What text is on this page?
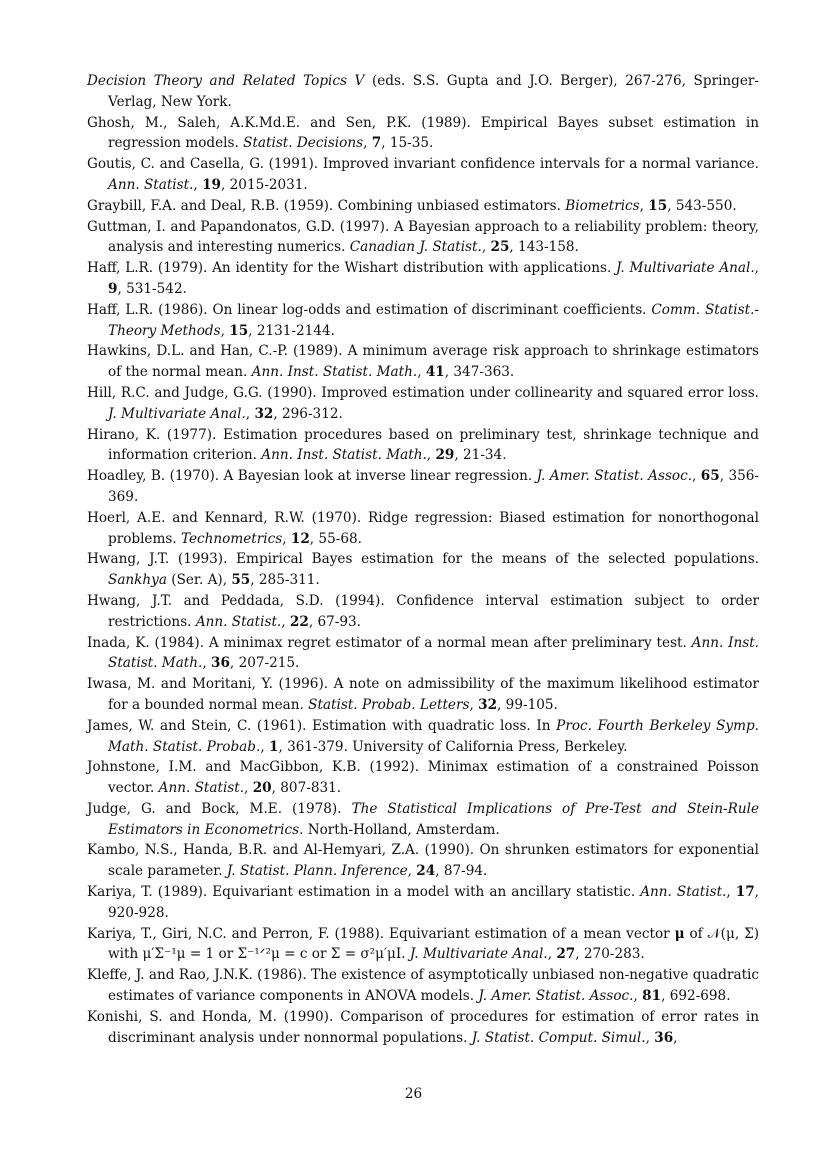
Decision Theory and Related Topics V (eds. S.S. Gupta and J.O. Berger), 267-276, Springer-Verlag, New York.
Ghosh, M., Saleh, A.K.Md.E. and Sen, P.K. (1989). Empirical Bayes subset estimation in regression models. Statist. Decisions, 7, 15-35.
Goutis, C. and Casella, G. (1991). Improved invariant confidence intervals for a normal variance. Ann. Statist., 19, 2015-2031.
Graybill, F.A. and Deal, R.B. (1959). Combining unbiased estimators. Biometrics, 15, 543-550.
Guttman, I. and Papandonatos, G.D. (1997). A Bayesian approach to a reliability problem: theory, analysis and interesting numerics. Canadian J. Statist., 25, 143-158.
Haff, L.R. (1979). An identity for the Wishart distribution with applications. J. Multivariate Anal., 9, 531-542.
Haff, L.R. (1986). On linear log-odds and estimation of discriminant coefficients. Comm. Statist.-Theory Methods, 15, 2131-2144.
Hawkins, D.L. and Han, C.-P. (1989). A minimum average risk approach to shrinkage estimators of the normal mean. Ann. Inst. Statist. Math., 41, 347-363.
Hill, R.C. and Judge, G.G. (1990). Improved estimation under collinearity and squared error loss. J. Multivariate Anal., 32, 296-312.
Hirano, K. (1977). Estimation procedures based on preliminary test, shrinkage technique and information criterion. Ann. Inst. Statist. Math., 29, 21-34.
Hoadley, B. (1970). A Bayesian look at inverse linear regression. J. Amer. Statist. Assoc., 65, 356-369.
Hoerl, A.E. and Kennard, R.W. (1970). Ridge regression: Biased estimation for nonorthogonal problems. Technometrics, 12, 55-68.
Hwang, J.T. (1993). Empirical Bayes estimation for the means of the selected populations. Sankhya (Ser. A), 55, 285-311.
Hwang, J.T. and Peddada, S.D. (1994). Confidence interval estimation subject to order restrictions. Ann. Statist., 22, 67-93.
Inada, K. (1984). A minimax regret estimator of a normal mean after preliminary test. Ann. Inst. Statist. Math., 36, 207-215.
Iwasa, M. and Moritani, Y. (1996). A note on admissibility of the maximum likelihood estimator for a bounded normal mean. Statist. Probab. Letters, 32, 99-105.
James, W. and Stein, C. (1961). Estimation with quadratic loss. In Proc. Fourth Berkeley Symp. Math. Statist. Probab., 1, 361-379. University of California Press, Berkeley.
Johnstone, I.M. and MacGibbon, K.B. (1992). Minimax estimation of a constrained Poisson vector. Ann. Statist., 20, 807-831.
Judge, G. and Bock, M.E. (1978). The Statistical Implications of Pre-Test and Stein-Rule Estimators in Econometrics. North-Holland, Amsterdam.
Kambo, N.S., Handa, B.R. and Al-Hemyari, Z.A. (1990). On shrunken estimators for exponential scale parameter. J. Statist. Plann. Inference, 24, 87-94.
Kariya, T. (1989). Equivariant estimation in a model with an ancillary statistic. Ann. Statist., 17, 920-928.
Kariya, T., Giri, N.C. and Perron, F. (1988). Equivariant estimation of a mean vector μ of 𝒩(μ, Σ) with μ′Σ⁻¹μ = 1 or Σ⁻¹ᐟ²μ = c or Σ = σ²μ′μI. J. Multivariate Anal., 27, 270-283.
Kleffe, J. and Rao, J.N.K. (1986). The existence of asymptotically unbiased non-negative quadratic estimates of variance components in ANOVA models. J. Amer. Statist. Assoc., 81, 692-698.
Konishi, S. and Honda, M. (1990). Comparison of procedures for estimation of error rates in discriminant analysis under nonnormal populations. J. Statist. Comput. Simul., 36,
26
